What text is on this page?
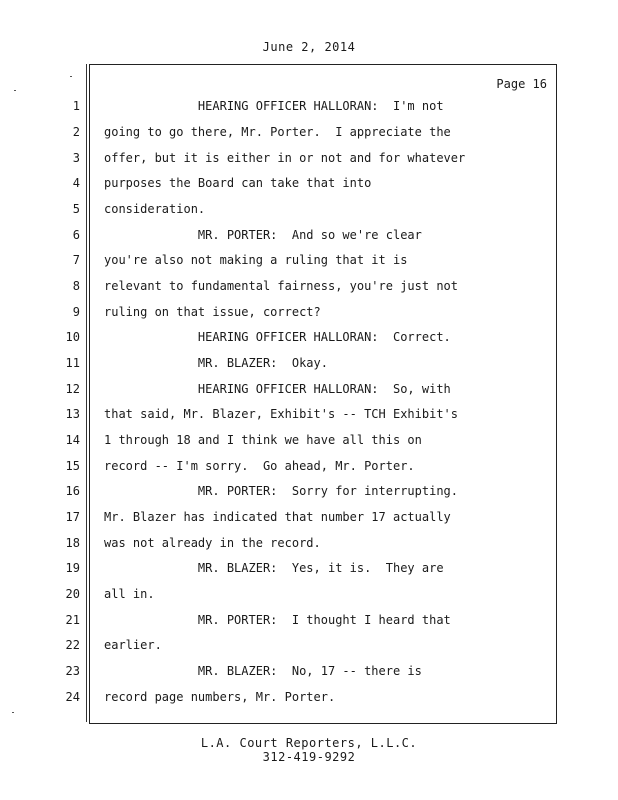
June 2, 2014
Page 16
1 HEARING OFFICER HALLORAN:  I'm not
2 going to go there, Mr. Porter.  I appreciate the
3 offer, but it is either in or not and for whatever
4 purposes the Board can take that into
5 consideration.
6 MR. PORTER:  And so we're clear
7 you're also not making a ruling that it is
8 relevant to fundamental fairness, you're just not
9 ruling on that issue, correct?
10 HEARING OFFICER HALLORAN:  Correct.
11 MR. BLAZER:  Okay.
12 HEARING OFFICER HALLORAN:  So, with
13 that said, Mr. Blazer, Exhibit's -- TCH Exhibit's
14 1 through 18 and I think we have all this on
15 record -- I'm sorry.  Go ahead, Mr. Porter.
16 MR. PORTER:  Sorry for interrupting.
17 Mr. Blazer has indicated that number 17 actually
18 was not already in the record.
19 MR. BLAZER:  Yes, it is.  They are
20 all in.
21 MR. PORTER:  I thought I heard that
22 earlier.
23 MR. BLAZER:  No, 17 -- there is
24 record page numbers, Mr. Porter.
L.A. Court Reporters, L.L.C.
312-419-9292
